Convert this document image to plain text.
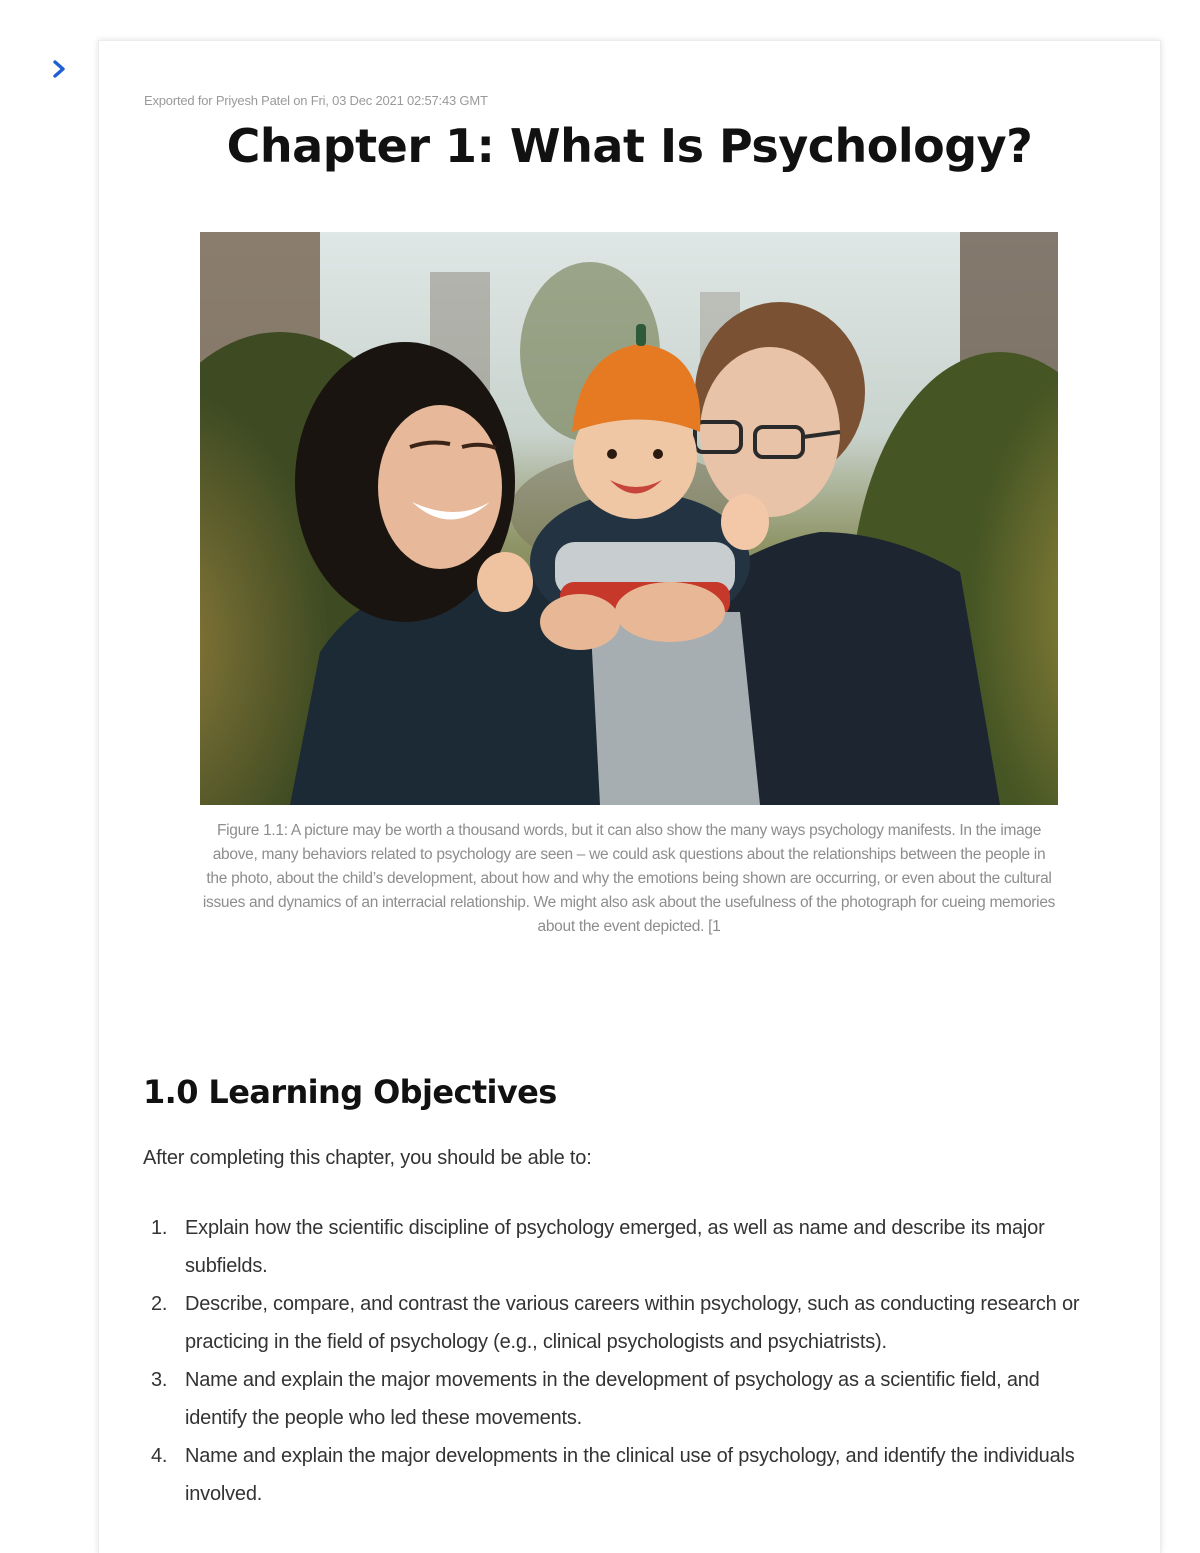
Exported for Priyesh Patel on Fri, 03 Dec 2021 02:57:43 GMT
Chapter 1: What Is Psychology?

Figure 1.1: A picture may be worth a thousand words, but it can also show the many ways psychology manifests. In the image above, many behaviors related to psychology are seen – we could ask questions about the relationships between the people in the photo, about the child’s development, about how and why the emotions being shown are occurring, or even about the cultural issues and dynamics of an interracial relationship. We might also ask about the usefulness of the photograph for cueing memories about the event depicted. [1

1.0 Learning Objectives

After completing this chapter, you should be able to:

1. Explain how the scientific discipline of psychology emerged, as well as name and describe its major subfields.
2. Describe, compare, and contrast the various careers within psychology, such as conducting research or practicing in the field of psychology (e.g., clinical psychologists and psychiatrists).
3. Name and explain the major movements in the development of psychology as a scientific field, and identify the people who led these movements.
4. Name and explain the major developments in the clinical use of psychology, and identify the individuals involved.
